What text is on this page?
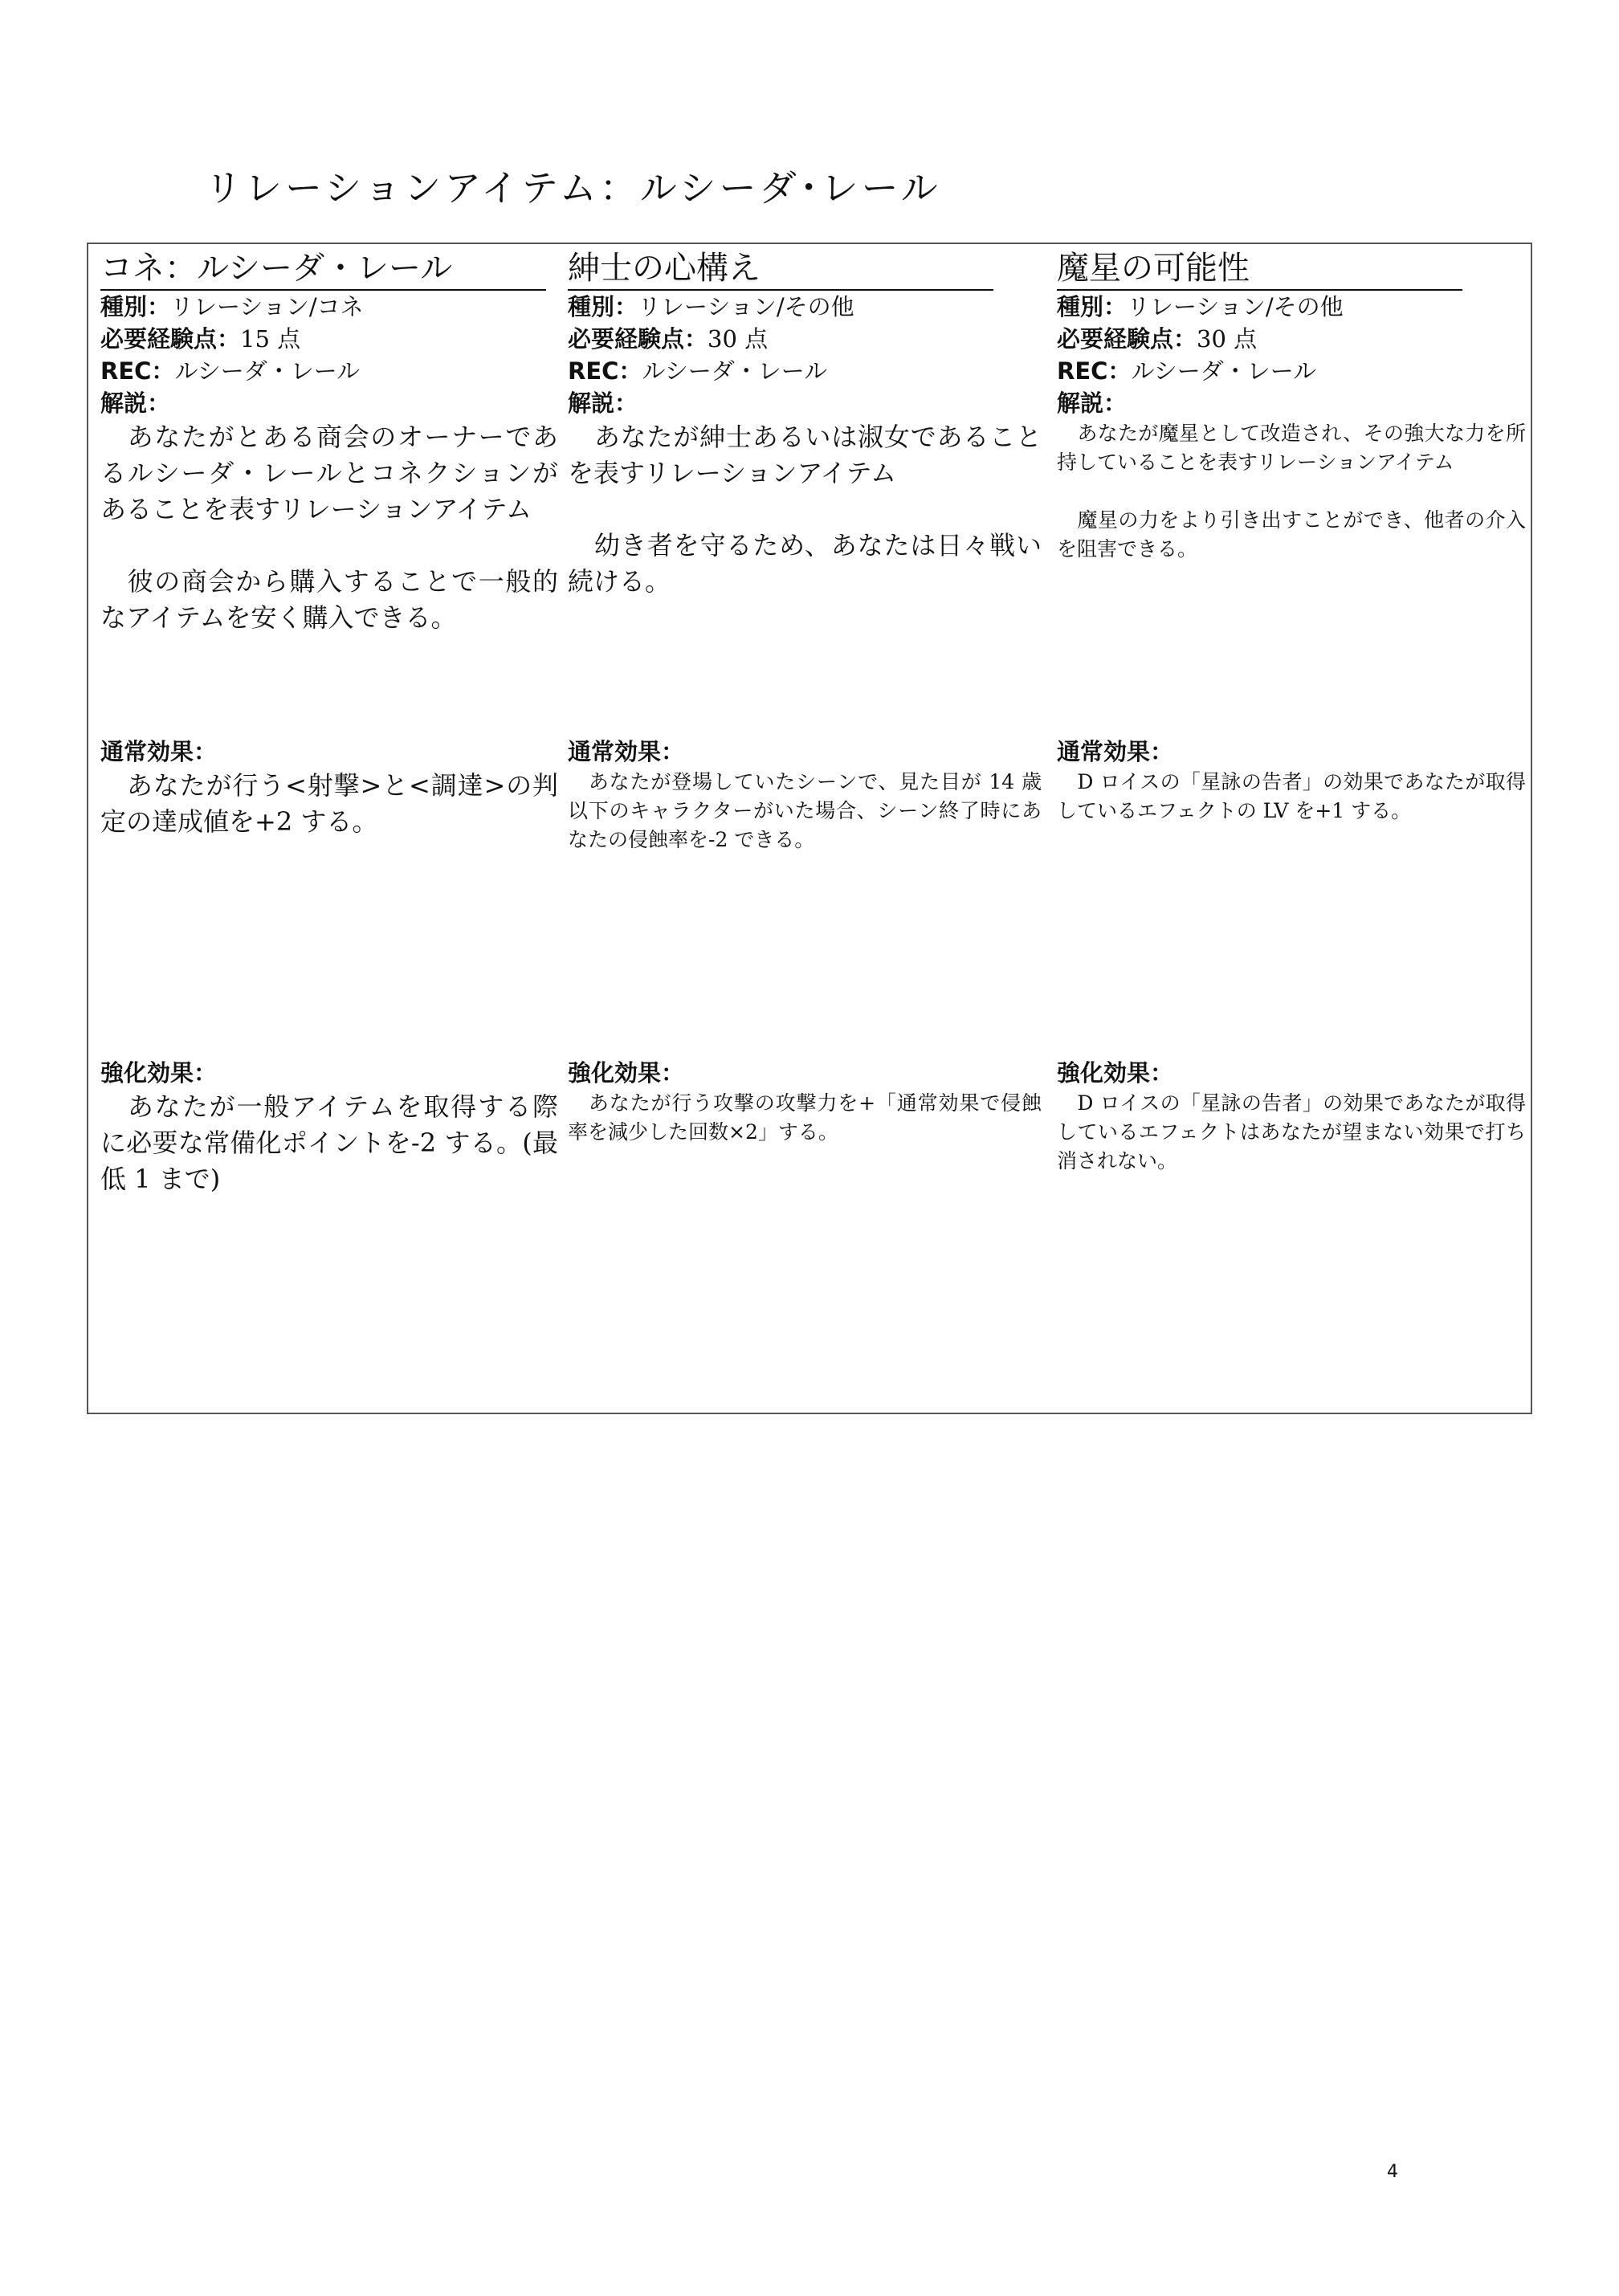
リレーションアイテム：ルシーダ･レール
コネ：ルシーダ・レール
種別：リレーション/コネ
必要経験点：15 点
REC：ルシーダ・レール
解説：

　あなたがとある商会のオーナーであるルシーダ・レールとコネクションがあることを表すリレーションアイテム

　彼の商会から購入することで一般的なアイテムを安く購入できる。

通常効果：

　あなたが行う<射撃>と<調達>の判定の達成値を+2 する。

強化効果：

　あなたが一般アイテムを取得する際に必要な常備化ポイントを-2 する。(最低 1 まで)

紳士の心構え
種別：リレーション/その他
必要経験点：30 点
REC：ルシーダ・レール
解説：

　あなたが紳士あるいは淑女であることを表すリレーションアイテム

　幼き者を守るため、あなたは日々戦い続ける。

通常効果：

　あなたが登場していたシーンで、見た目が 14 歳以下のキャラクターがいた場合、シーン終了時にあなたの侵蝕率を-2 できる。

強化効果：

　あなたが行う攻撃の攻撃力を+「通常効果で侵蝕率を減少した回数×2」する。

魔星の可能性
種別：リレーション/その他
必要経験点：30 点
REC：ルシーダ・レール
解説：

　あなたが魔星として改造され、その強大な力を所持していることを表すリレーションアイテム

　魔星の力をより引き出すことができ、他者の介入を阻害できる。

通常効果：

　D ロイスの「星詠の告者」の効果であなたが取得しているエフェクトの LV を+1 する。

強化効果：

　D ロイスの「星詠の告者」の効果であなたが取得しているエフェクトはあなたが望まない効果で打ち消されない。

4
